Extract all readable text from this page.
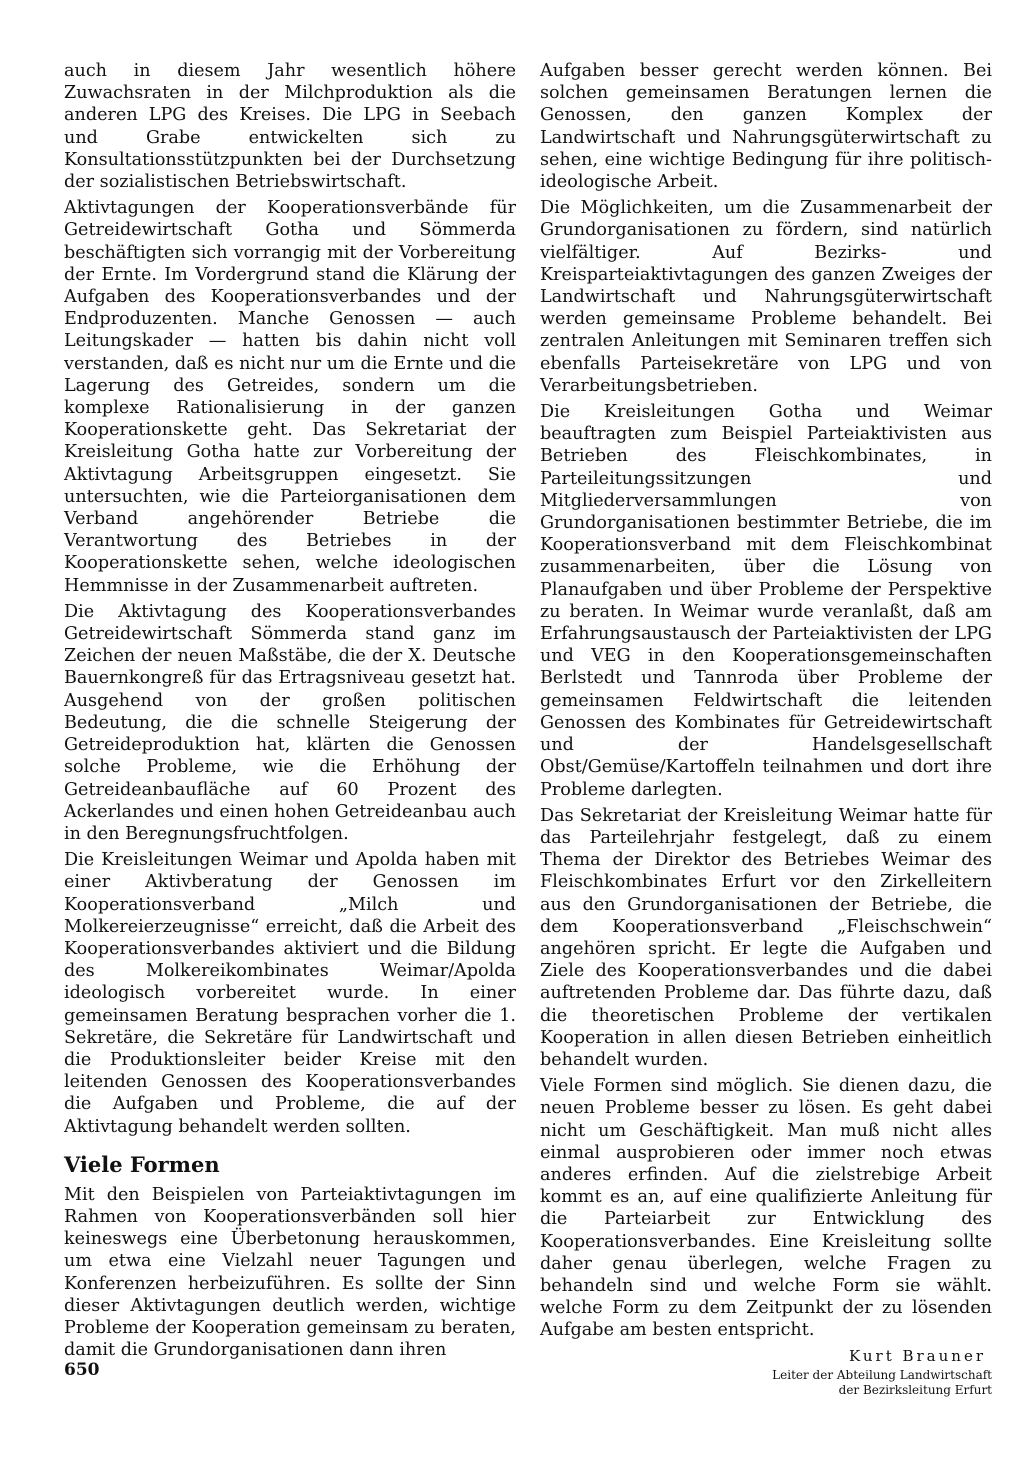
auch in diesem Jahr wesentlich höhere Zuwachsraten in der Milchproduktion als die anderen LPG des Kreises. Die LPG in Seebach und Grabe entwickelten sich zu Konsultationsstützpunkten bei der Durchsetzung der sozialistischen Betriebswirtschaft.

Aktivtagungen der Kooperationsverbände für Getreidewirtschaft Gotha und Sömmerda beschäftigten sich vorrangig mit der Vorbereitung der Ernte. Im Vordergrund stand die Klärung der Aufgaben des Kooperationsverbandes und der Endproduzenten. Manche Genossen — auch Leitungskader — hatten bis dahin nicht voll verstanden, daß es nicht nur um die Ernte und die Lagerung des Getreides, sondern um die komplexe Rationalisierung in der ganzen Kooperationskette geht. Das Sekretariat der Kreisleitung Gotha hatte zur Vorbereitung der Aktivtagung Arbeitsgruppen eingesetzt. Sie untersuchten, wie die Parteiorganisationen dem Verband angehörender Betriebe die Verantwortung des Betriebes in der Kooperationskette sehen, welche ideologischen Hemmnisse in der Zusammenarbeit auftreten.

Die Aktivtagung des Kooperationsverbandes Getreidewirtschaft Sömmerda stand ganz im Zeichen der neuen Maßstäbe, die der X. Deutsche Bauernkongreß für das Ertragsniveau gesetzt hat. Ausgehend von der großen politischen Bedeutung, die die schnelle Steigerung der Getreideproduktion hat, klärten die Genossen solche Probleme, wie die Erhöhung der Getreideanbaufläche auf 60 Prozent des Ackerlandes und einen hohen Getreideanbau auch in den Beregnungsfruchtfolgen.

Die Kreisleitungen Weimar und Apolda haben mit einer Aktivberatung der Genossen im Kooperationsverband „Milch und Molkereierzeugnisse“ erreicht, daß die Arbeit des Kooperationsverbandes aktiviert und die Bildung des Molkereikombinates Weimar/Apolda ideologisch vorbereitet wurde. In einer gemeinsamen Beratung besprachen vorher die 1. Sekretäre, die Sekretäre für Landwirtschaft und die Produktionsleiter beider Kreise mit den leitenden Genossen des Kooperationsverbandes die Aufgaben und Probleme, die auf der Aktivtagung behandelt werden sollten.

Viele Formen

Mit den Beispielen von Parteiaktivtagungen im Rahmen von Kooperationsverbänden soll hier keineswegs eine Überbetonung herauskommen, um etwa eine Vielzahl neuer Tagungen und Konferenzen herbeizuführen. Es sollte der Sinn dieser Aktivtagungen deutlich werden, wichtige Probleme der Kooperation gemeinsam zu beraten, damit die Grundorganisationen dann ihren

Aufgaben besser gerecht werden können. Bei solchen gemeinsamen Beratungen lernen die Genossen, den ganzen Komplex der Landwirtschaft und Nahrungsgüterwirtschaft zu sehen, eine wichtige Bedingung für ihre politisch-ideologische Arbeit.

Die Möglichkeiten, um die Zusammenarbeit der Grundorganisationen zu fördern, sind natürlich vielfältiger. Auf Bezirks- und Kreisparteiaktivtagungen des ganzen Zweiges der Landwirtschaft und Nahrungsgüterwirtschaft werden gemeinsame Probleme behandelt. Bei zentralen Anleitungen mit Seminaren treffen sich ebenfalls Parteisekretäre von LPG und von Verarbeitungsbetrieben.

Die Kreisleitungen Gotha und Weimar beauftragten zum Beispiel Parteiaktivisten aus Betrieben des Fleischkombinates, in Parteileitungssitzungen und Mitgliederversammlungen von Grundorganisationen bestimmter Betriebe, die im Kooperationsverband mit dem Fleischkombinat zusammenarbeiten, über die Lösung von Planaufgaben und über Probleme der Perspektive zu beraten. In Weimar wurde veranlaßt, daß am Erfahrungsaustausch der Parteiaktivisten der LPG und VEG in den Kooperationsgemeinschaften Berlstedt und Tannroda über Probleme der gemeinsamen Feldwirtschaft die leitenden Genossen des Kombinates für Getreidewirtschaft und der Handelsgesellschaft Obst/Gemüse/Kartoffeln teilnahmen und dort ihre Probleme darlegten.

Das Sekretariat der Kreisleitung Weimar hatte für das Parteilehrjahr festgelegt, daß zu einem Thema der Direktor des Betriebes Weimar des Fleischkombinates Erfurt vor den Zirkelleitern aus den Grundorganisationen der Betriebe, die dem Kooperationsverband „Fleischschwein“ angehören spricht. Er legte die Aufgaben und Ziele des Kooperationsverbandes und die dabei auftretenden Probleme dar. Das führte dazu, daß die theoretischen Probleme der vertikalen Kooperation in allen diesen Betrieben einheitlich behandelt wurden.

Viele Formen sind möglich. Sie dienen dazu, die neuen Probleme besser zu lösen. Es geht dabei nicht um Geschäftigkeit. Man muß nicht alles einmal ausprobieren oder immer noch etwas anderes erfinden. Auf die zielstrebige Arbeit kommt es an, auf eine qualifizierte Anleitung für die Parteiarbeit zur Entwicklung des Kooperationsverbandes. Eine Kreisleitung sollte daher genau überlegen, welche Fragen zu behandeln sind und welche Form sie wählt. welche Form zu dem Zeitpunkt der zu lösenden Aufgabe am besten entspricht.

Kurt Brauner

Leiter der Abteilung Landwirtschaft

der Bezirksleitung Erfurt

650
